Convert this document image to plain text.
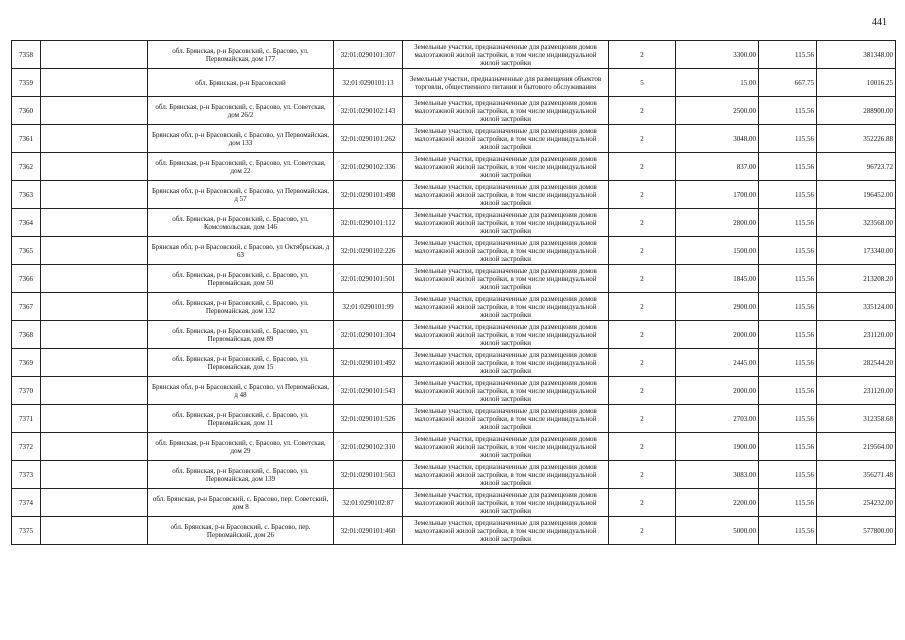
441
7358		обл. Брянская, р-н Брасовский, с. Брасово, ул. Первомайская, дом 177	32:01:0290101:307	Земельные участки, предназначенные для размещения домов малоэтажной жилой застройки, в том числе индивидуальной жилой застройки	2	3300.00	115.56	381348.00
7359		обл. Брянская, р-н Брасовский	32:01:0290101:13	Земельные участки, предназначенные для размещения объектов торговли, общественного питания и бытового обслуживания	5	15.00	667.75	10016.25
7360		обл. Брянская, р-н Брасовский, с. Брасово, ул. Советская, дом 26/2	32:01:0290102:143	Земельные участки, предназначенные для размещения домов малоэтажной жилой застройки, в том числе индивидуальной жилой застройки	2	2500.00	115.56	288900.00
7361		Брянская обл, р-н Брасовский, с Брасово, ул Первомайская, дом 133	32:01:0290101:262	Земельные участки, предназначенные для размещения домов малоэтажной жилой застройки, в том числе индивидуальной жилой застройки	2	3048.00	115.56	352226.88
7362		обл. Брянская, р-н Брасовский, с. Брасово, ул. Советская, дом 22	32:01:0290102:336	Земельные участки, предназначенные для размещения домов малоэтажной жилой застройки, в том числе индивидуальной жилой застройки	2	837.00	115.56	96723.72
7363		Брянская обл, р-н Брасовский, с Брасово, ул Первомайская, д 57	32:01:0290101:498	Земельные участки, предназначенные для размещения домов малоэтажной жилой застройки, в том числе индивидуальной жилой застройки	2	1700.00	115.56	196452.00
7364		обл. Брянская, р-н Брасовский, с. Брасово, ул. Комсомольская, дом 146	32:01:0290101:112	Земельные участки, предназначенные для размещения домов малоэтажной жилой застройки, в том числе индивидуальной жилой застройки	2	2800.00	115.56	323568.00
7365		Брянская обл, р-н Брасовский, с Брасово, ул Октябрьская, д 63	32:01:0290102:226	Земельные участки, предназначенные для размещения домов малоэтажной жилой застройки, в том числе индивидуальной жилой застройки	2	1500.00	115.56	173340.00
7366		обл. Брянская, р-н Брасовский, с. Брасово, ул. Первомайская, дом 50	32:01:0290101:501	Земельные участки, предназначенные для размещения домов малоэтажной жилой застройки, в том числе индивидуальной жилой застройки	2	1845.00	115.56	213208.20
7367		обл. Брянская, р-н Брасовский, с. Брасово, ул. Первомайская, дом 132	32:01:0290101:99	Земельные участки, предназначенные для размещения домов малоэтажной жилой застройки, в том числе индивидуальной жилой застройки	2	2900.00	115.56	335124.00
7368		обл. Брянская, р-н Брасовский, с. Брасово, ул. Первомайская, дом 89	32:01:0290101:304	Земельные участки, предназначенные для размещения домов малоэтажной жилой застройки, в том числе индивидуальной жилой застройки	2	2000.00	115.56	231120.00
7369		обл. Брянская, р-н Брасовский, с. Брасово, ул. Первомайская, дом 15	32:01:0290101:492	Земельные участки, предназначенные для размещения домов малоэтажной жилой застройки, в том числе индивидуальной жилой застройки	2	2445.00	115.56	282544.20
7370		Брянская обл, р-н Брасовский, с Брасово, ул Первомайская, д 48	32:01:0290101:543	Земельные участки, предназначенные для размещения домов малоэтажной жилой застройки, в том числе индивидуальной жилой застройки	2	2000.00	115.56	231120.00
7371		обл. Брянская, р-н Брасовский, с. Брасово, ул. Первомайская, дом 11	32:01:0290101:526	Земельные участки, предназначенные для размещения домов малоэтажной жилой застройки, в том числе индивидуальной жилой застройки	2	2703.00	115.56	312358.68
7372		обл. Брянская, р-н Брасовский, с. Брасово, ул. Советская, дом 29	32:01:0290102:310	Земельные участки, предназначенные для размещения домов малоэтажной жилой застройки, в том числе индивидуальной жилой застройки	2	1900.00	115.56	219564.00
7373		обл. Брянская, р-н Брасовский, с. Брасово, ул. Первомайская, дом 139	32:01:0290101:563	Земельные участки, предназначенные для размещения домов малоэтажной жилой застройки, в том числе индивидуальной жилой застройки	2	3083.00	115.56	356271.48
7374		обл. Брянская, р-н Брасовский, с. Брасово, пер. Советский, дом 8	32:01:0290102:87	Земельные участки, предназначенные для размещения домов малоэтажной жилой застройки, в том числе индивидуальной жилой застройки	2	2200.00	115.56	254232.00
7375		обл. Брянская, р-н Брасовский, с. Брасово, пер. Первомайский, дом 26	32:01:0290101:460	Земельные участки, предназначенные для размещения домов малоэтажной жилой застройки, в том числе индивидуальной жилой застройки	2	5000.00	115.56	577800.00
